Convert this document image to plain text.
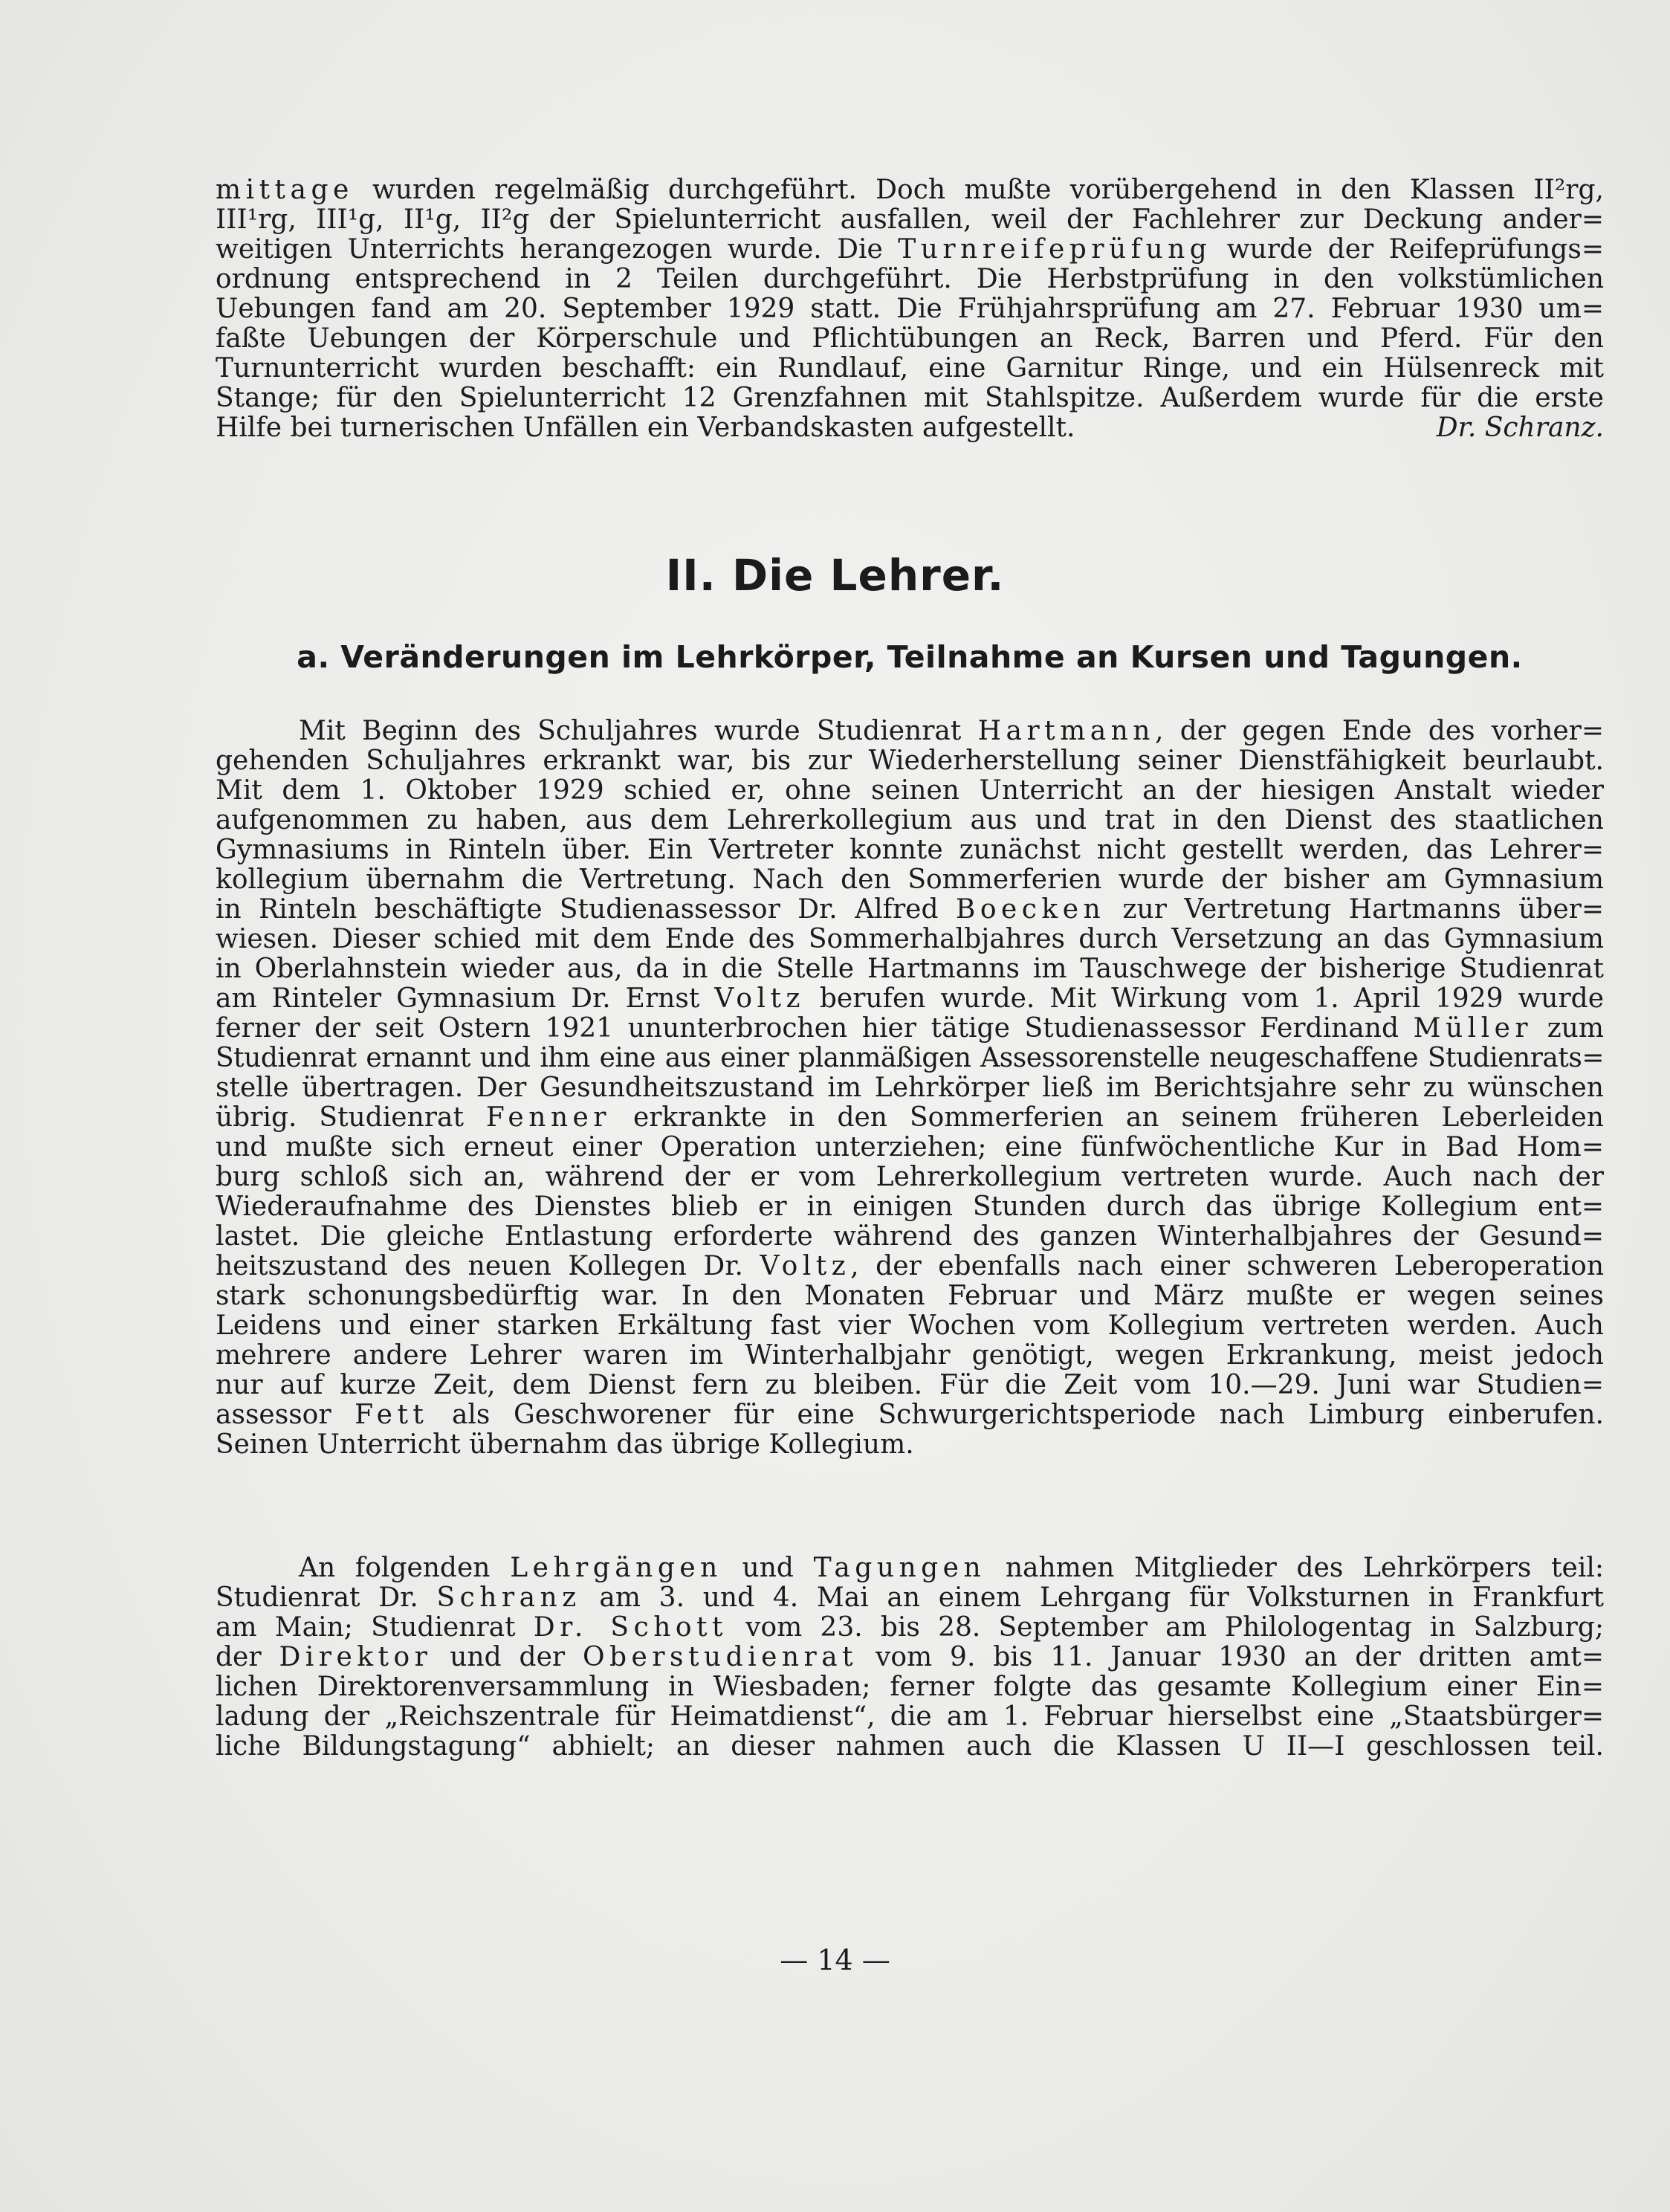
mittage wurden regelmäßig durchgeführt. Doch mußte vorübergehend in den Klassen II²rg,
III¹rg, III¹g, II¹g, II²g der Spielunterricht ausfallen, weil der Fachlehrer zur Deckung ander=
weitigen Unterrichts herangezogen wurde. Die Turnreifeprüfung wurde der Reifeprüfungs=
ordnung entsprechend in 2 Teilen durchgeführt. Die Herbstprüfung in den volkstümlichen
Uebungen fand am 20. September 1929 statt. Die Frühjahrsprüfung am 27. Februar 1930 um=
faßte Uebungen der Körperschule und Pflichtübungen an Reck, Barren und Pferd. Für den
Turnunterricht wurden beschafft: ein Rundlauf, eine Garnitur Ringe, und ein Hülsenreck mit
Stange; für den Spielunterricht 12 Grenzfahnen mit Stahlspitze. Außerdem wurde für die erste
Hilfe bei turnerischen Unfällen ein Verbandskasten aufgestellt.	Dr. Schranz.
II. Die Lehrer.
a. Veränderungen im Lehrkörper, Teilnahme an Kursen und Tagungen.
Mit Beginn des Schuljahres wurde Studienrat Hartmann, der gegen Ende des vorher=
gehenden Schuljahres erkrankt war, bis zur Wiederherstellung seiner Dienstfähigkeit beurlaubt.
Mit dem 1. Oktober 1929 schied er, ohne seinen Unterricht an der hiesigen Anstalt wieder
aufgenommen zu haben, aus dem Lehrerkollegium aus und trat in den Dienst des staatlichen
Gymnasiums in Rinteln über. Ein Vertreter konnte zunächst nicht gestellt werden, das Lehrer=
kollegium übernahm die Vertretung. Nach den Sommerferien wurde der bisher am Gymnasium
in Rinteln beschäftigte Studienassessor Dr. Alfred Boecken zur Vertretung Hartmanns über=
wiesen. Dieser schied mit dem Ende des Sommerhalbjahres durch Versetzung an das Gymnasium
in Oberlahnstein wieder aus, da in die Stelle Hartmanns im Tauschwege der bisherige Studienrat
am Rinteler Gymnasium Dr. Ernst Voltz berufen wurde. Mit Wirkung vom 1. April 1929 wurde
ferner der seit Ostern 1921 ununterbrochen hier tätige Studienassessor Ferdinand Müller zum
Studienrat ernannt und ihm eine aus einer planmäßigen Assessorenstelle neugeschaffene Studienrats=
stelle übertragen. Der Gesundheitszustand im Lehrkörper ließ im Berichtsjahre sehr zu wünschen
übrig. Studienrat Fenner erkrankte in den Sommerferien an seinem früheren Leberleiden
und mußte sich erneut einer Operation unterziehen; eine fünfwöchentliche Kur in Bad Hom=
burg schloß sich an, während der er vom Lehrerkollegium vertreten wurde. Auch nach der
Wiederaufnahme des Dienstes blieb er in einigen Stunden durch das übrige Kollegium ent=
lastet. Die gleiche Entlastung erforderte während des ganzen Winterhalbjahres der Gesund=
heitszustand des neuen Kollegen Dr. Voltz, der ebenfalls nach einer schweren Leberoperation
stark schonungsbedürftig war. In den Monaten Februar und März mußte er wegen seines
Leidens und einer starken Erkältung fast vier Wochen vom Kollegium vertreten werden. Auch
mehrere andere Lehrer waren im Winterhalbjahr genötigt, wegen Erkrankung, meist jedoch
nur auf kurze Zeit, dem Dienst fern zu bleiben. Für die Zeit vom 10.—29. Juni war Studien=
assessor Fett als Geschworener für eine Schwurgerichtsperiode nach Limburg einberufen.
Seinen Unterricht übernahm das übrige Kollegium.
An folgenden Lehrgängen und Tagungen nahmen Mitglieder des Lehrkörpers teil:
Studienrat Dr. Schranz am 3. und 4. Mai an einem Lehrgang für Volksturnen in Frankfurt
am Main; Studienrat Dr. Schott vom 23. bis 28. September am Philologentag in Salzburg;
der Direktor und der Oberstudienrat vom 9. bis 11. Januar 1930 an der dritten amt=
lichen Direktorenversammlung in Wiesbaden; ferner folgte das gesamte Kollegium einer Ein=
ladung der „Reichszentrale für Heimatdienst“, die am 1. Februar hierselbst eine „Staatsbürger=
liche Bildungstagung“ abhielt; an dieser nahmen auch die Klassen U II—I geschlossen teil.
— 14 —
